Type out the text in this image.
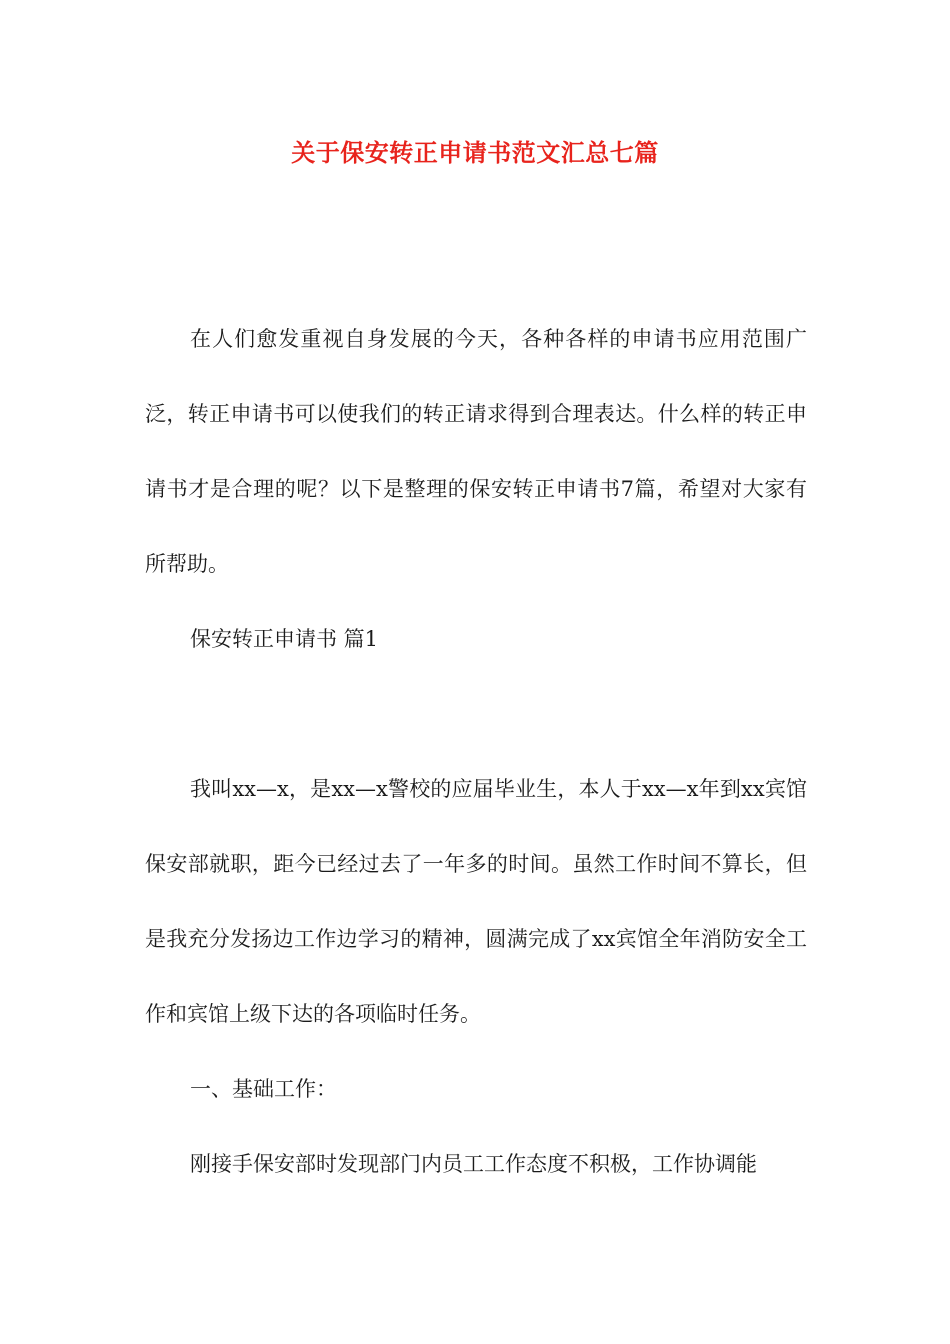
关于保安转正申请书范文汇总七篇

在人们愈发重视自身发展的今天，各种各样的申请书应用范围广泛，转正申请书可以使我们的转正请求得到合理表达。什么样的转正申请书才是合理的呢？以下是整理的保安转正申请书7篇，希望对大家有所帮助。

保安转正申请书 篇1

我叫xx—x，是xx—x警校的应届毕业生，本人于xx—x年到xx宾馆保安部就职，距今已经过去了一年多的时间。虽然工作时间不算长，但是我充分发扬边工作边学习的精神，圆满完成了xx宾馆全年消防安全工作和宾馆上级下达的各项临时任务。

一、基础工作：

刚接手保安部时发现部门内员工工作态度不积极，工作协调能
